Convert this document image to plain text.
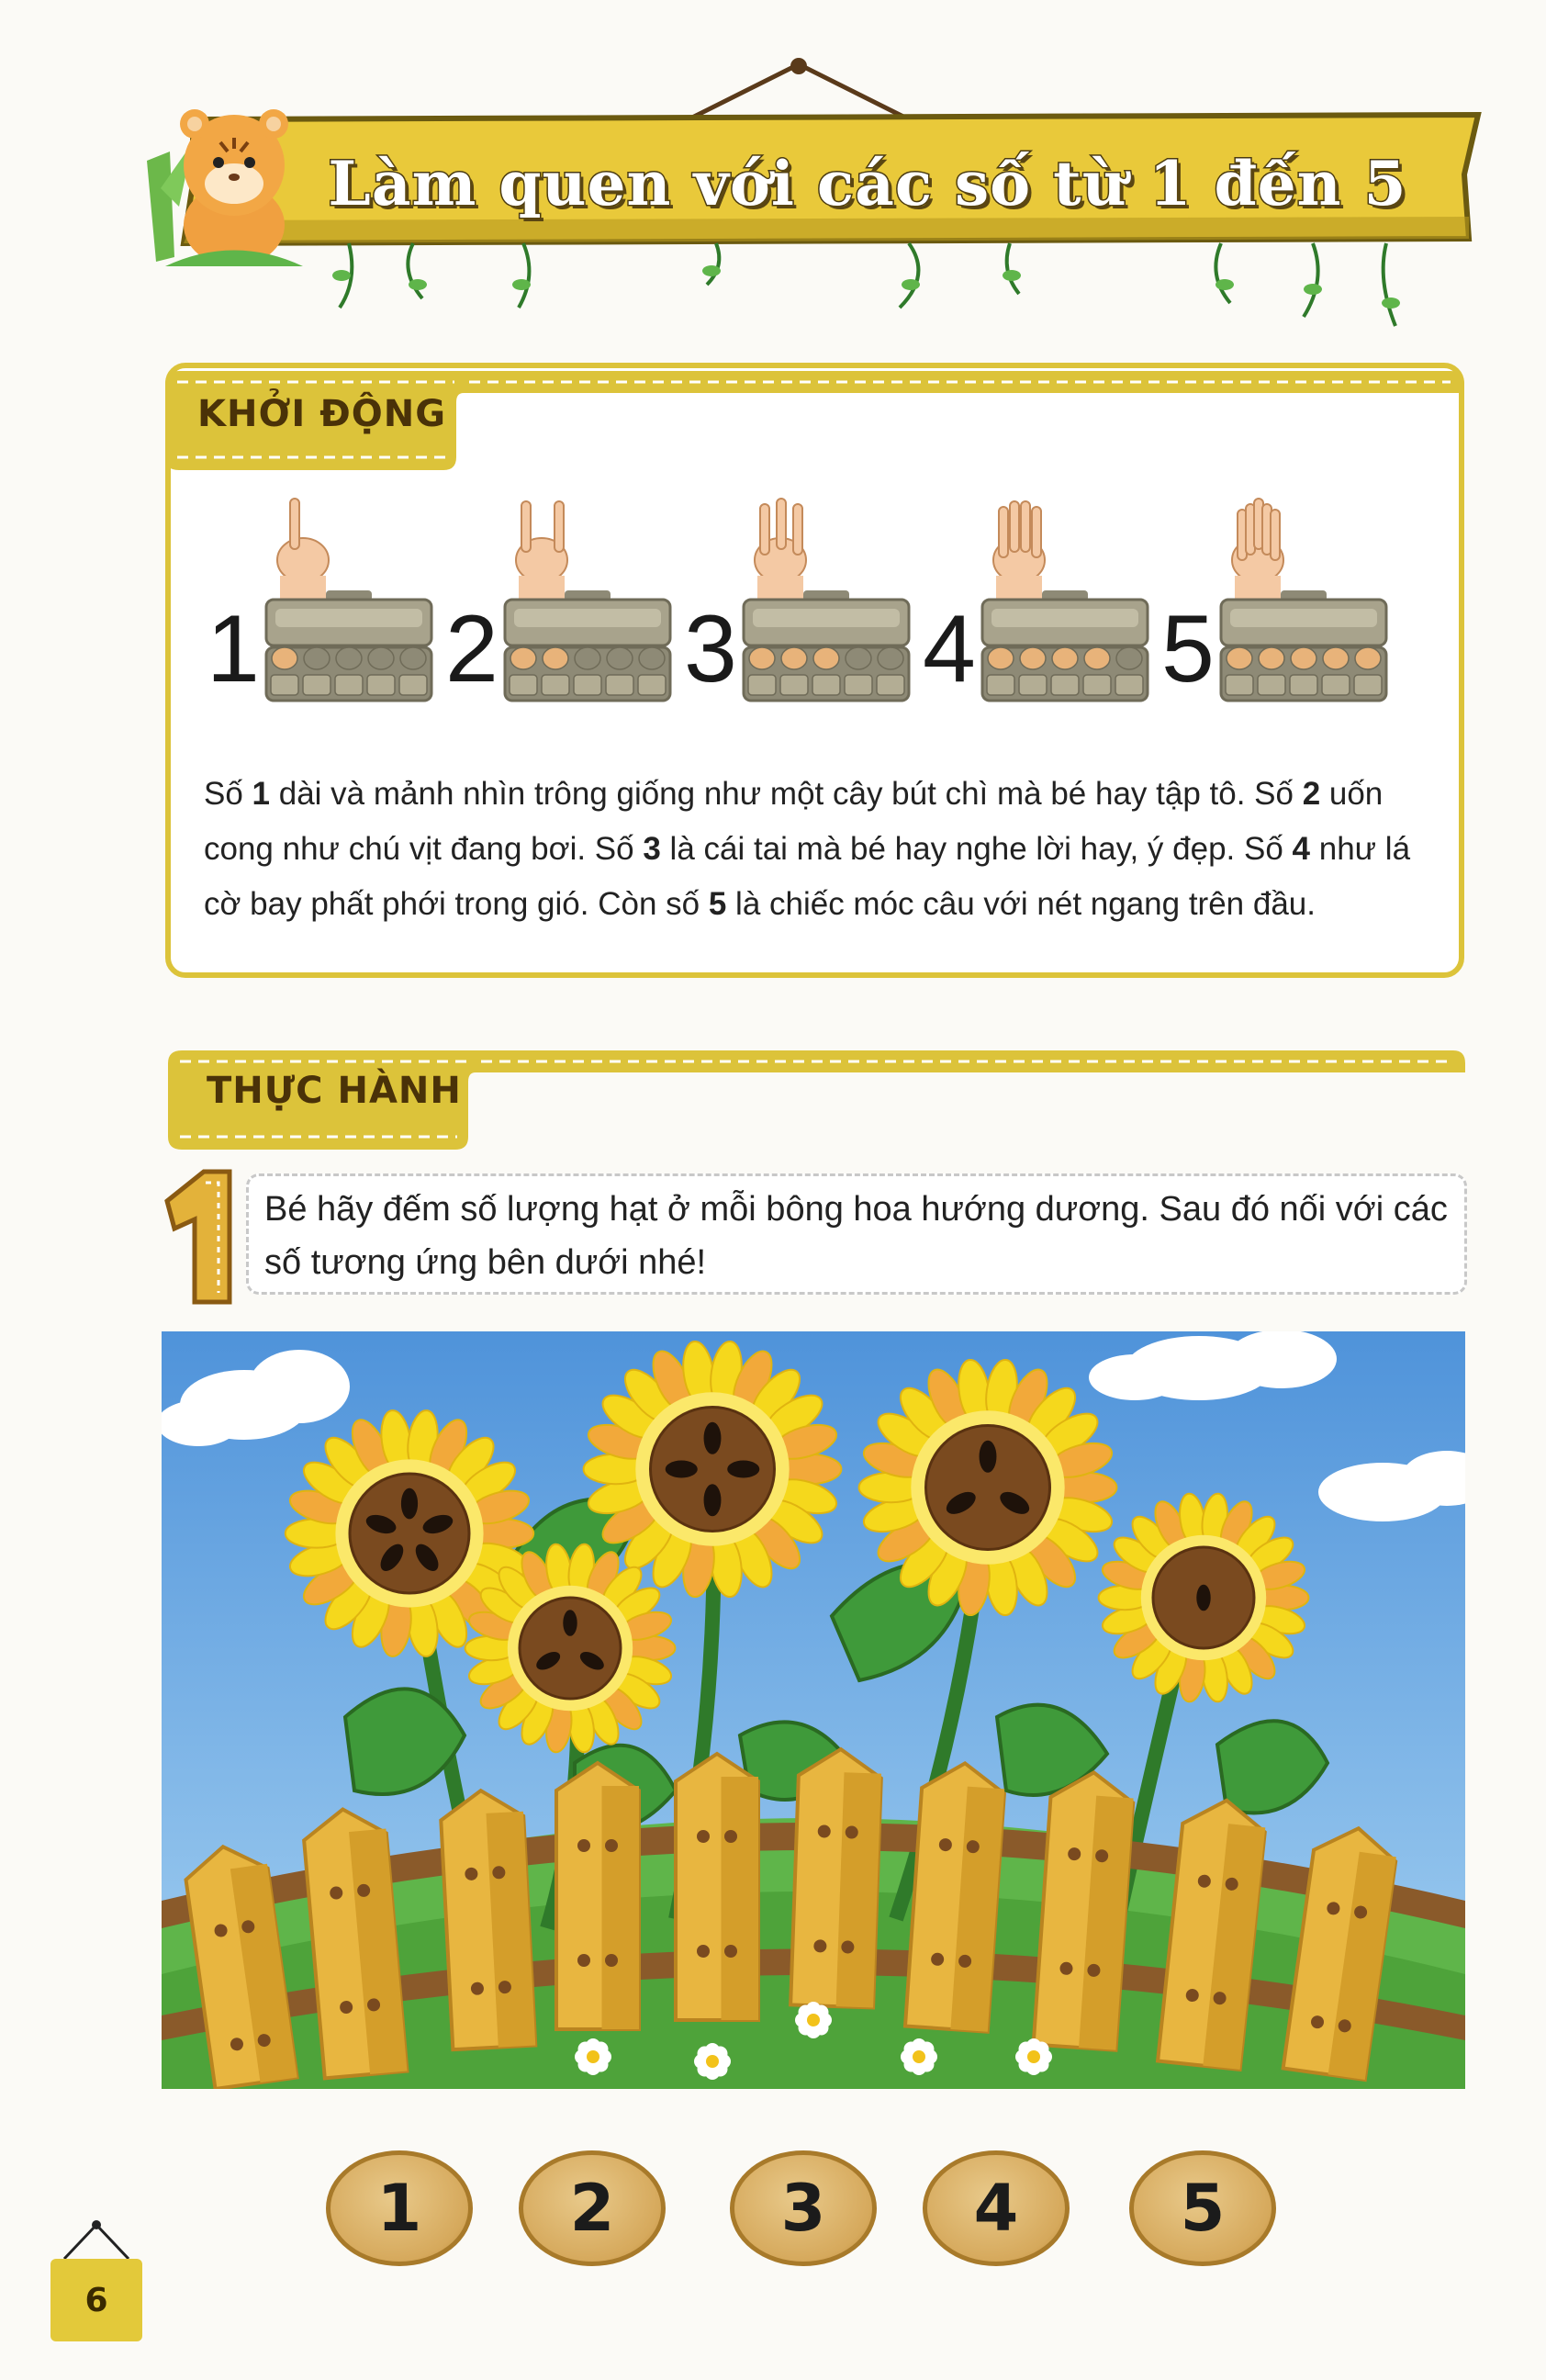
Làm quen với các số từ 1 đến 5
KHỞI ĐỘNG
1 2 3 4 5
Số 1 dài và mảnh nhìn trông giống như một cây bút chì mà bé hay tập tô. Số 2 uốn cong như chú vịt đang bơi. Số 3 là cái tai mà bé hay nghe lời hay, ý đẹp. Số 4 như lá cờ bay phất phới trong gió. Còn số 5 là chiếc móc câu với nét ngang trên đầu.
THỰC HÀNH
1
Bé hãy đếm số lượng hạt ở mỗi bông hoa hướng dương. Sau đó nối với các số tương ứng bên dưới nhé!
1	2	3	4	5
6
